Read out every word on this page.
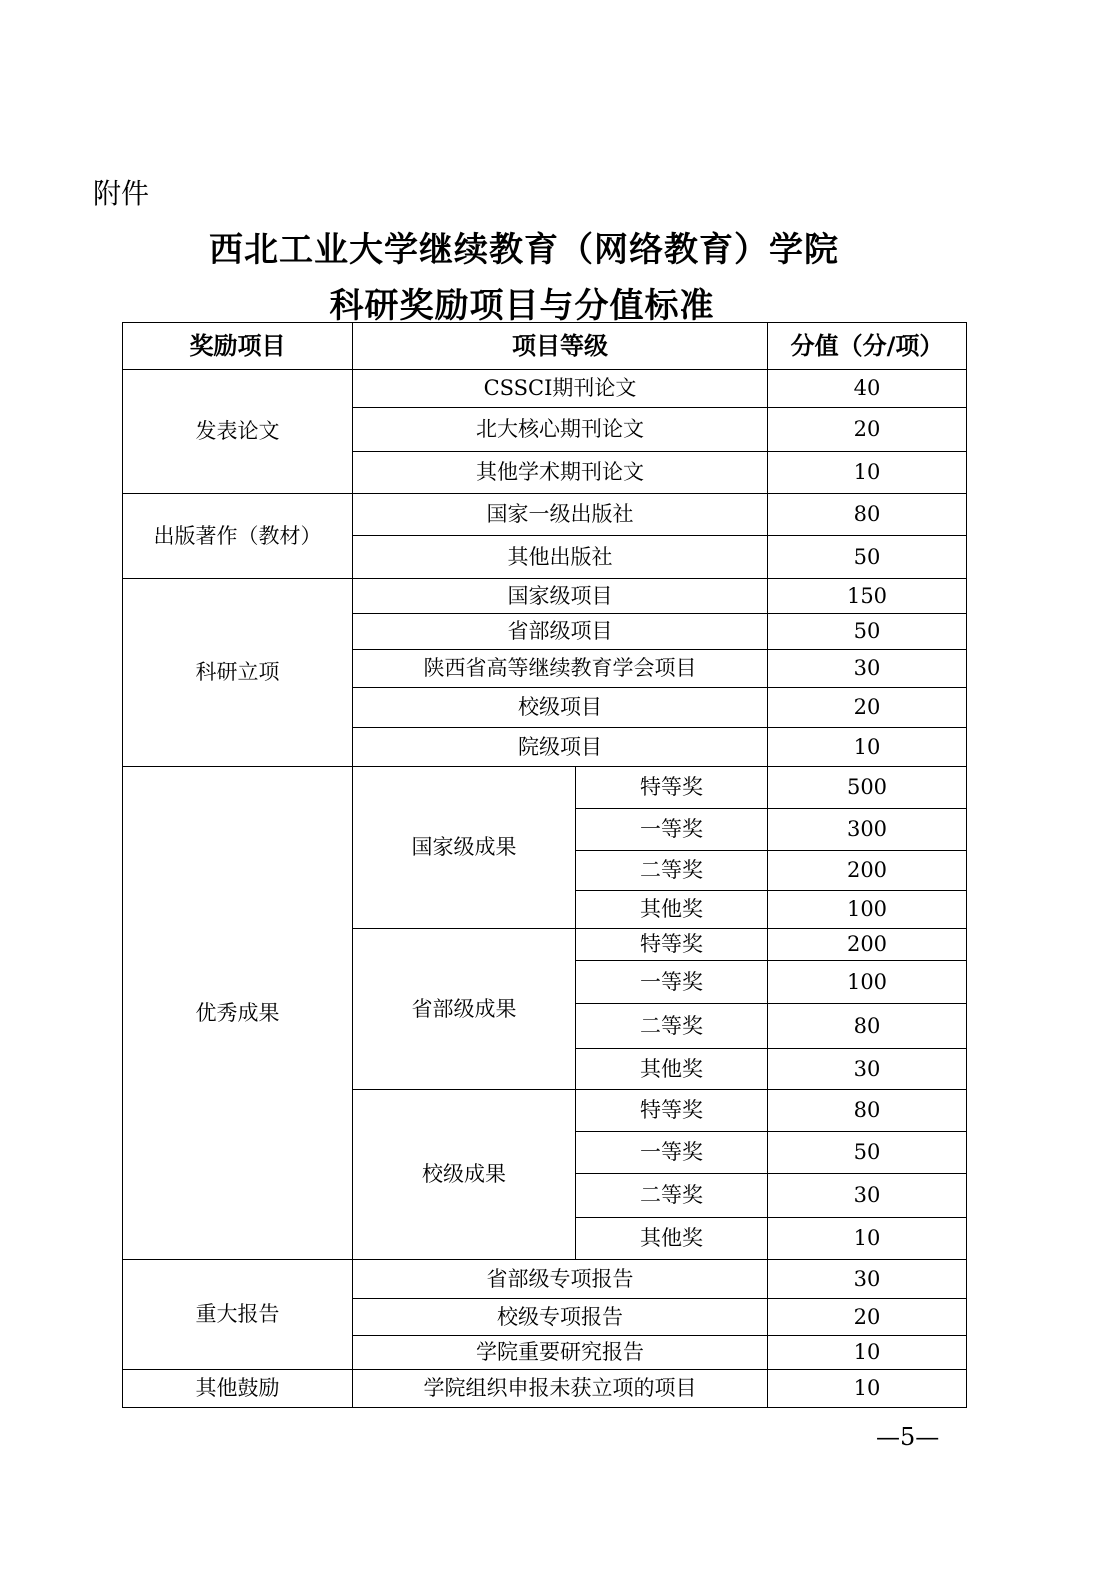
附件
西北工业大学继续教育（网络教育）学院
科研奖励项目与分值标准
奖励项目	项目等级		分值（分/项）
发表论文	CSSCI期刊论文		40
	北大核心期刊论文		20
	其他学术期刊论文		10
出版著作（教材）	国家一级出版社		80
	其他出版社		50
科研立项	国家级项目		150
	省部级项目		50
	陕西省高等继续教育学会项目		30
	校级项目		20
	院级项目		10
优秀成果	国家级成果	特等奖	500
		一等奖	300
		二等奖	200
		其他奖	100
	省部级成果	特等奖	200
		一等奖	100
		二等奖	80
		其他奖	30
	校级成果	特等奖	80
		一等奖	50
		二等奖	30
		其他奖	10
重大报告	省部级专项报告		30
	校级专项报告		20
	学院重要研究报告		10
其他鼓励	学院组织申报未获立项的项目		10
—5—
